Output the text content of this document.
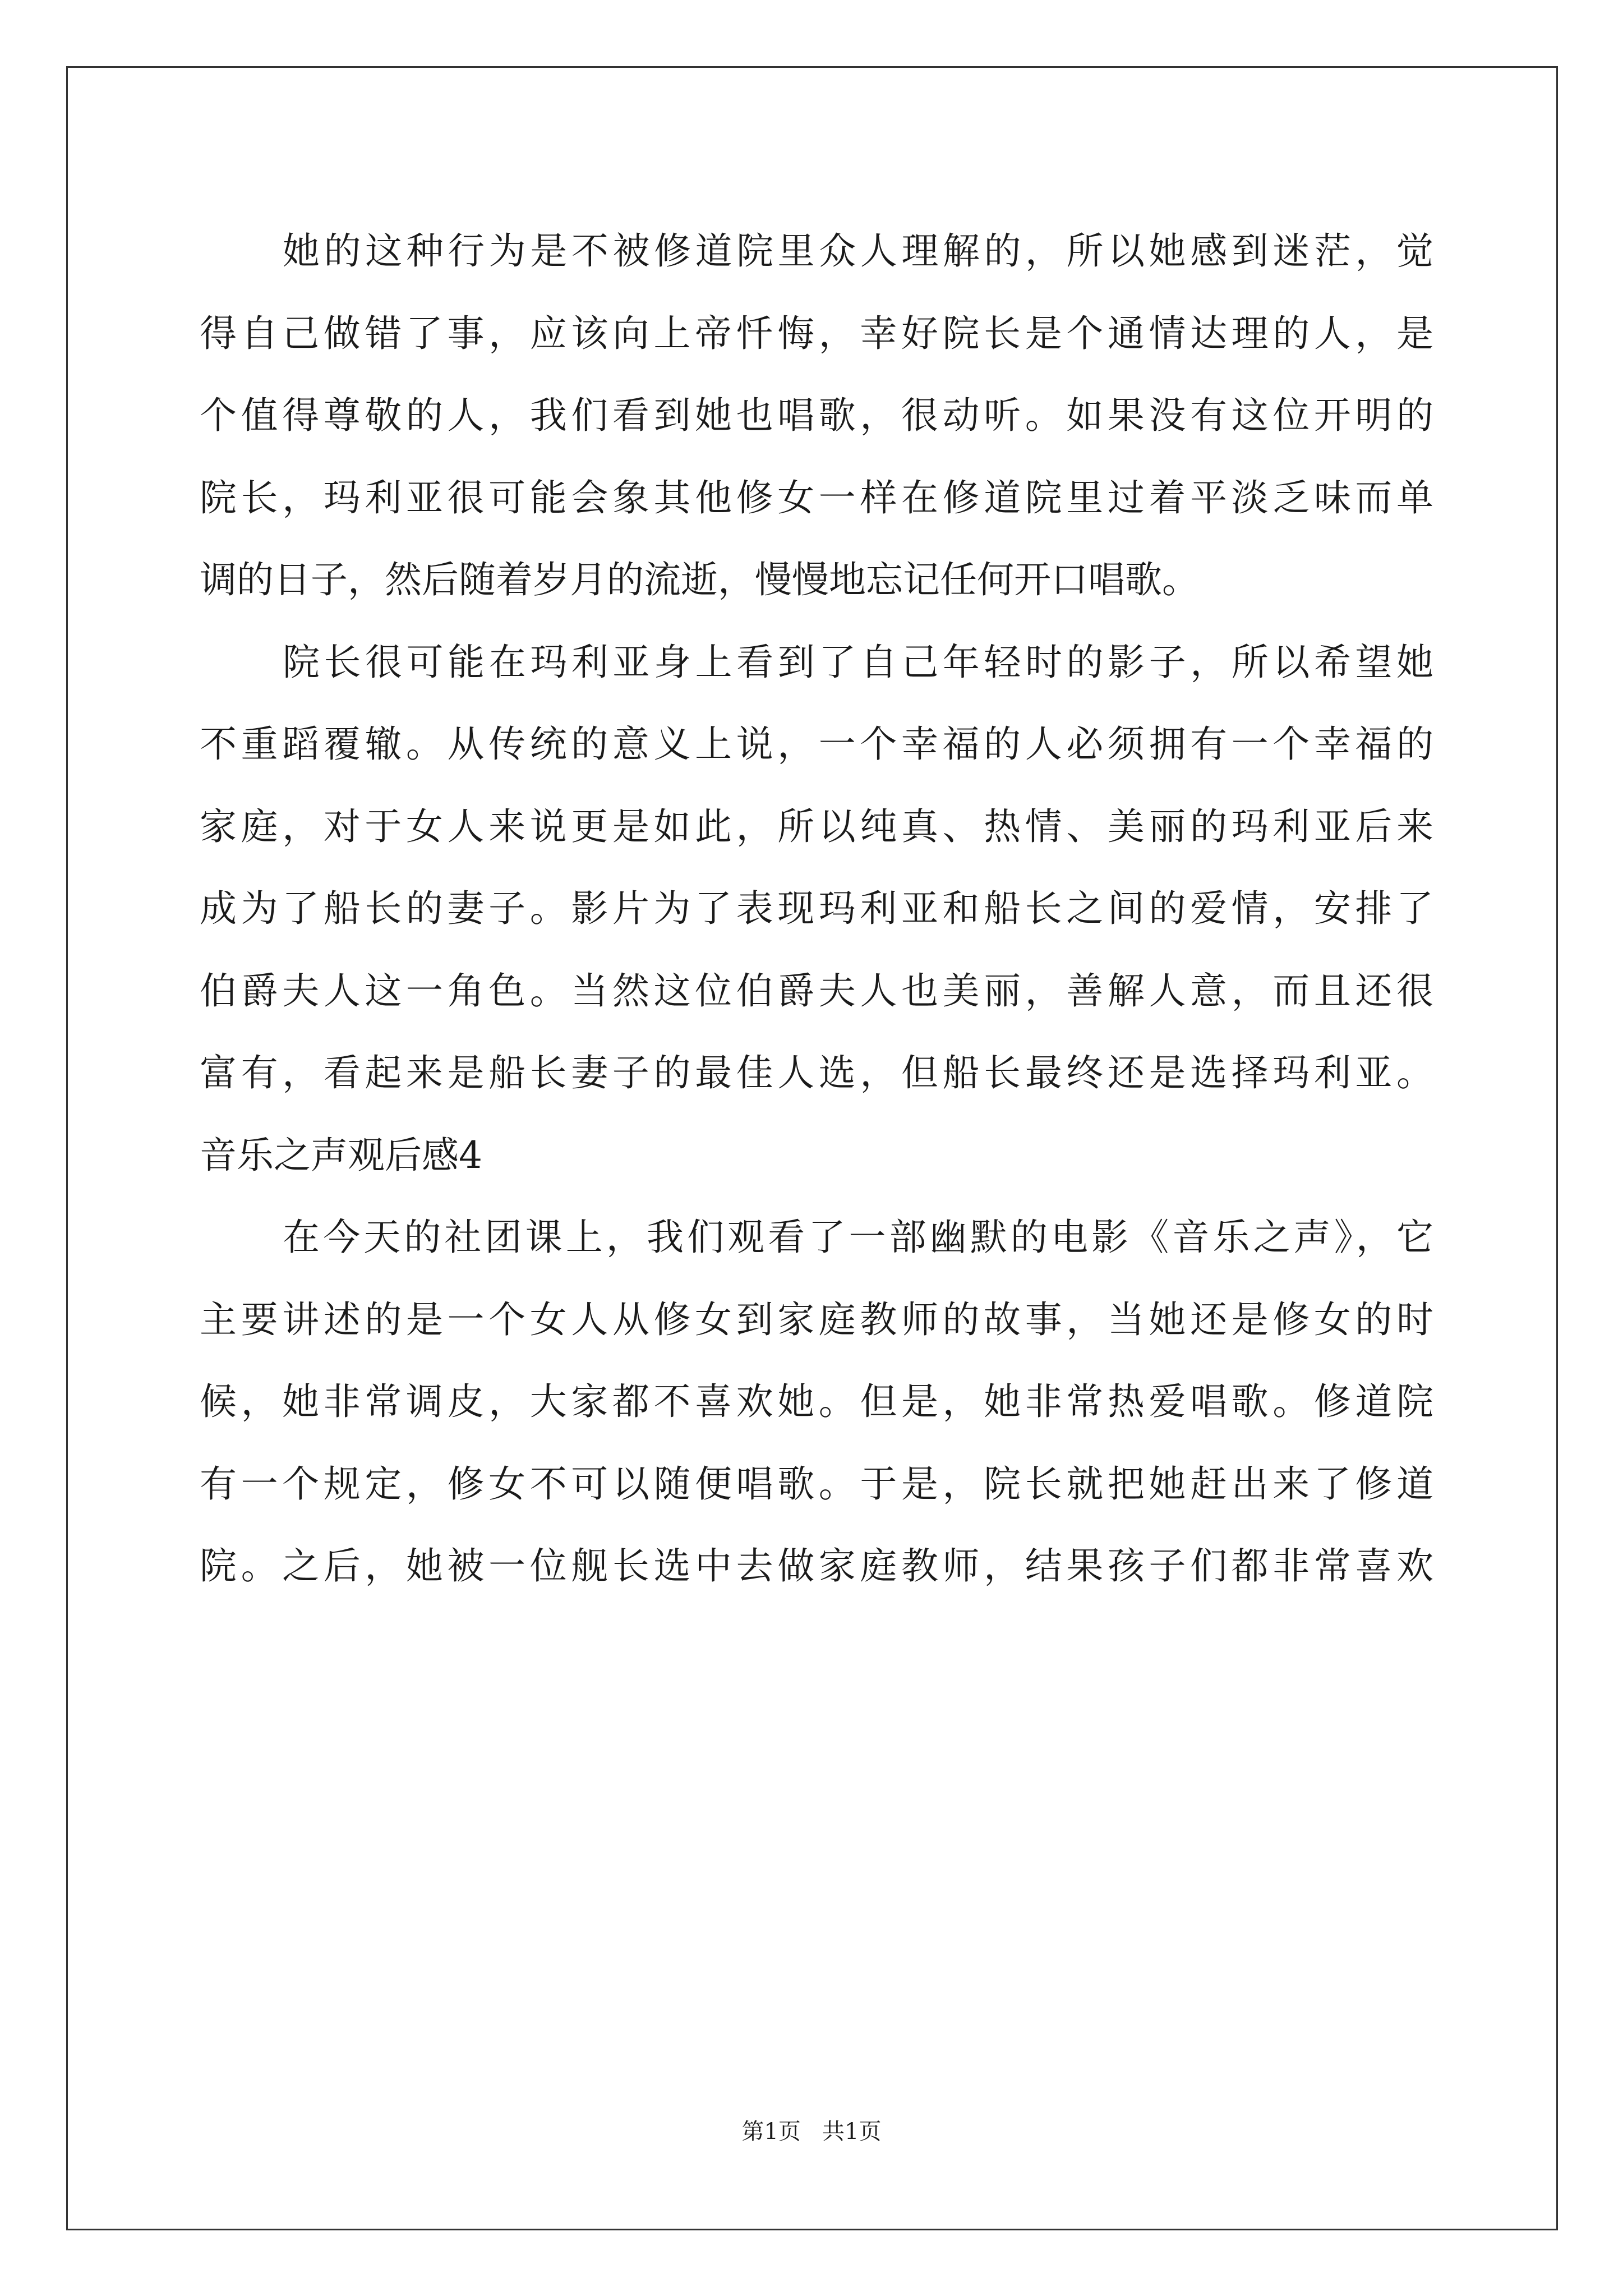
她的这种行为是不被修道院里众人理解的，所以她感到迷茫，觉

得自己做错了事，应该向上帝忏悔，幸好院长是个通情达理的人，是

个值得尊敬的人，我们看到她也唱歌，很动听。如果没有这位开明的

院长，玛利亚很可能会象其他修女一样在修道院里过着平淡乏味而单

调的日子，然后随着岁月的流逝，慢慢地忘记任何开口唱歌。

院长很可能在玛利亚身上看到了自己年轻时的影子，所以希望她

不重蹈覆辙。从传统的意义上说，一个幸福的人必须拥有一个幸福的

家庭，对于女人来说更是如此，所以纯真、热情、美丽的玛利亚后来

成为了船长的妻子。影片为了表现玛利亚和船长之间的爱情，安排了

伯爵夫人这一角色。当然这位伯爵夫人也美丽，善解人意，而且还很

富有，看起来是船长妻子的最佳人选，但船长最终还是选择玛利亚。

音乐之声观后感4

在今天的社团课上，我们观看了一部幽默的电影《音乐之声》，它

主要讲述的是一个女人从修女到家庭教师的故事，当她还是修女的时

候，她非常调皮，大家都不喜欢她。但是，她非常热爱唱歌。修道院

有一个规定，修女不可以随便唱歌。于是，院长就把她赶出来了修道

院。之后，她被一位舰长选中去做家庭教师，结果孩子们都非常喜欢

第1页   共1页
